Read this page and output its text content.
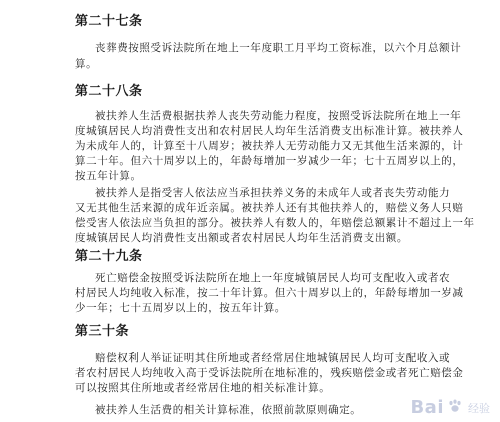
第二十七条
丧葬费按照受诉法院所在地上一年度职工月平均工资标准，以六个月总额计
算。
第二十八条
被扶养人生活费根据扶养人丧失劳动能力程度，按照受诉法院所在地上一年
度城镇居民人均消费性支出和农村居民人均年生活消费支出标准计算。被扶养人
为未成年人的，计算至十八周岁；被扶养人无劳动能力又无其他生活来源的，计
算二十年。但六十周岁以上的，年龄每增加一岁减少一年；七十五周岁以上的，
按五年计算。
被扶养人是指受害人依法应当承担扶养义务的未成年人或者丧失劳动能力
又无其他生活来源的成年近亲属。被扶养人还有其他扶养人的，赔偿义务人只赔
偿受害人依法应当负担的部分。被扶养人有数人的，年赔偿总额累计不超过上一年
度城镇居民人均消费性支出额或者农村居民人均年生活消费支出额。
第二十九条
死亡赔偿金按照受诉法院所在地上一年度城镇居民人均可支配收入或者农
村居民人均纯收入标准，按二十年计算。但六十周岁以上的，年龄每增加一岁减
少一年；七十五周岁以上的，按五年计算。
第三十条
赔偿权利人举证证明其住所地或者经常居住地城镇居民人均可支配收入或
者农村居民人均纯收入高于受诉法院所在地标准的，残疾赔偿金或者死亡赔偿金
可以按照其住所地或者经常居住地的相关标准计算。
被扶养人生活费的相关计算标准，依照前款原则确定。	Bai 经验
